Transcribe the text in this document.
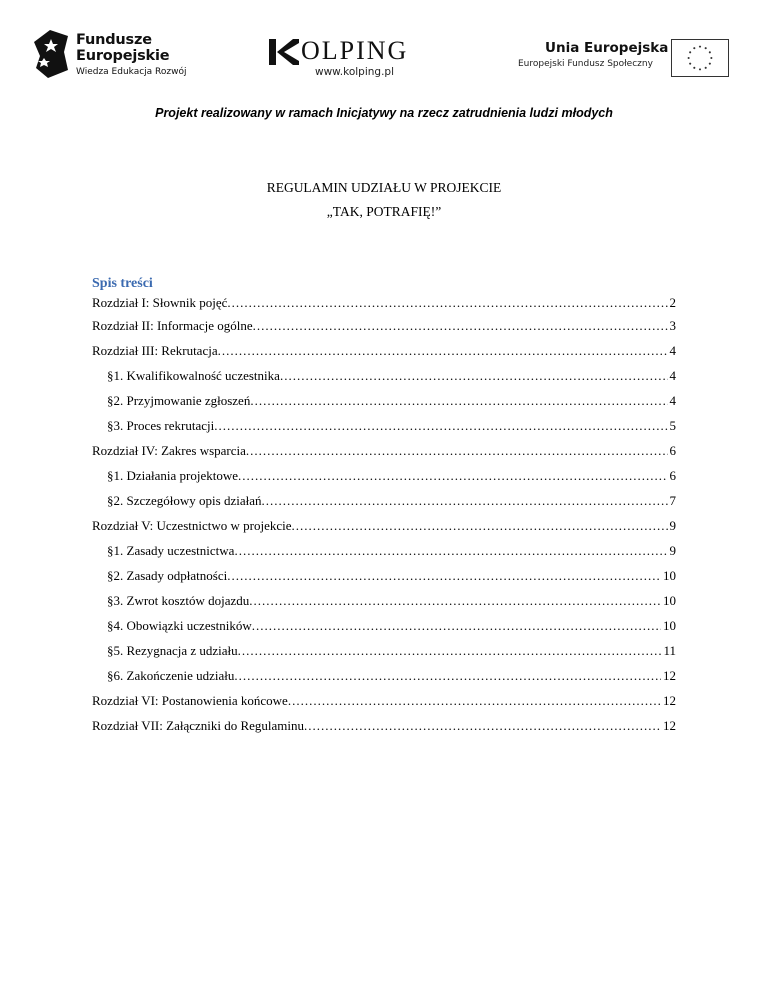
Fundusze
Europejskie
Wiedza Edukacja Rozwój
OLPING
www.kolping.pl
Unia Europejska
Europejski Fundusz Społeczny
Projekt realizowany w ramach Inicjatywy na rzecz zatrudnienia ludzi młodych
REGULAMIN UDZIAŁU W PROJEKCIE
„TAK, POTRAFIĘ!”
Spis treści
Rozdział I: Słownik pojęć .....	2
Rozdział II: Informacje ogólne .....	3
Rozdział III: Rekrutacja .....	4
§1. Kwalifikowalność uczestnika .....	4
§2. Przyjmowanie zgłoszeń .....	4
§3. Proces rekrutacji .....	5
Rozdział IV: Zakres wsparcia .....	6
§1. Działania projektowe .....	6
§2. Szczegółowy opis działań .....	7
Rozdział V: Uczestnictwo w projekcie .....	9
§1. Zasady uczestnictwa .....	9
§2. Zasady odpłatności .....	10
§3. Zwrot kosztów dojazdu .....	10
§4. Obowiązki uczestników .....	10
§5. Rezygnacja z udziału .....	11
§6. Zakończenie udziału .....	12
Rozdział VI: Postanowienia końcowe .....	12
Rozdział VII: Załączniki do Regulaminu .....	12
